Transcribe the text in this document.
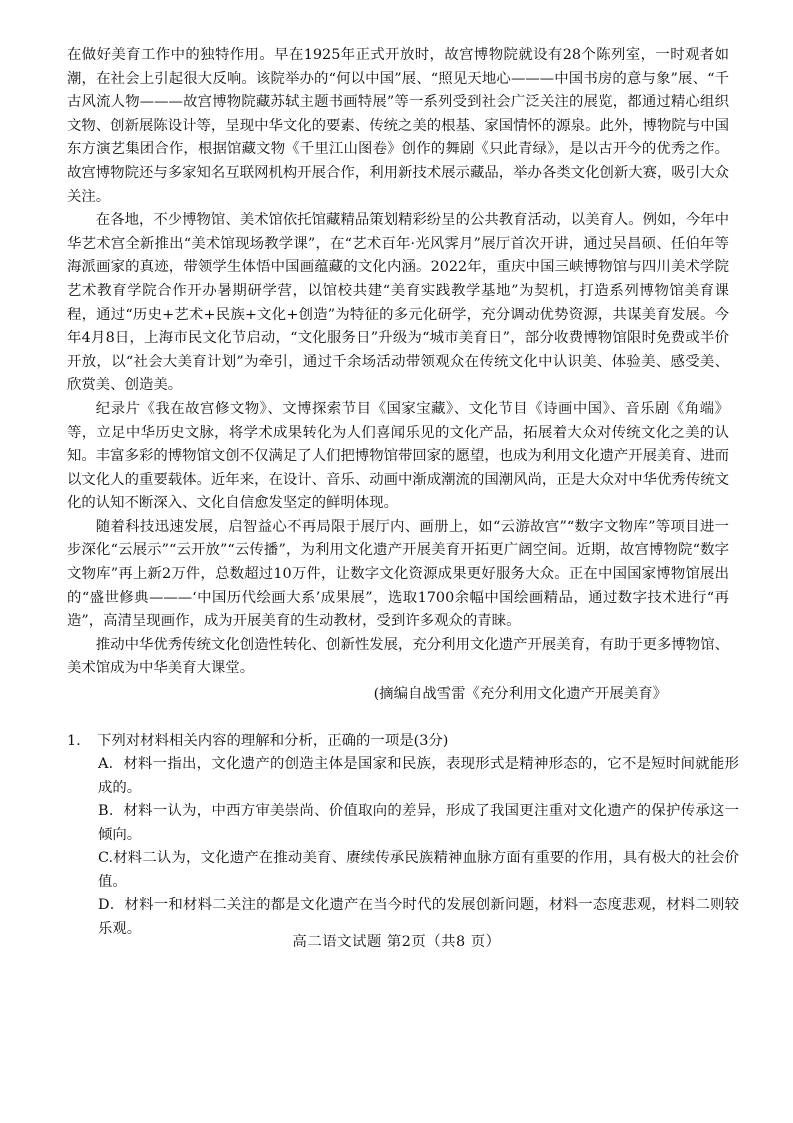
在做好美育工作中的独特作用。早在1925年正式开放时，故宫博物院就设有28个陈列室，一时观者如潮，在社会上引起很大反响。该院举办的“何以中国”展、“照见天地心———中国书房的意与象”展、“千古风流人物———故宫博物院藏苏轼主题书画特展”等一系列受到社会广泛关注的展览，都通过精心组织文物、创新展陈设计等，呈现中华文化的要素、传统之美的根基、家国情怀的源泉。此外，博物院与中国东方演艺集团合作，根据馆藏文物《千里江山图卷》创作的舞剧《只此青绿》，是以古开今的优秀之作。故宫博物院还与多家知名互联网机构开展合作，利用新技术展示藏品，举办各类文化创新大赛，吸引大众关注。

在各地，不少博物馆、美术馆依托馆藏精品策划精彩纷呈的公共教育活动，以美育人。例如，今年中华艺术宫全新推出“美术馆现场教学课”，在“艺术百年·光风霁月”展厅首次开讲，通过吴昌硕、任伯年等海派画家的真迹，带领学生体悟中国画蕴藏的文化内涵。2022年，重庆中国三峡博物馆与四川美术学院艺术教育学院合作开办暑期研学营，以馆校共建“美育实践教学基地”为契机，打造系列博物馆美育课程，通过“历史+艺术+民族+文化+创造”为特征的多元化研学，充分调动优势资源，共谋美育发展。今年4月8日，上海市民文化节启动，“文化服务日”升级为“城市美育日”，部分收费博物馆限时免费或半价开放，以“社会大美育计划”为牵引，通过千余场活动带领观众在传统文化中认识美、体验美、感受美、欣赏美、创造美。

纪录片《我在故宫修文物》、文博探索节目《国家宝藏》、文化节目《诗画中国》、音乐剧《角端》等，立足中华历史文脉，将学术成果转化为人们喜闻乐见的文化产品，拓展着大众对传统文化之美的认知。丰富多彩的博物馆文创不仅满足了人们把博物馆带回家的愿望，也成为利用文化遗产开展美育、进而以文化人的重要载体。近年来，在设计、音乐、动画中渐成潮流的国潮风尚，正是大众对中华优秀传统文化的认知不断深入、文化自信愈发坚定的鲜明体现。

随着科技迅速发展，启智益心不再局限于展厅内、画册上，如“云游故宫”“数字文物库”等项目进一步深化“云展示”“云开放”“云传播”，为利用文化遗产开展美育开拓更广阔空间。近期，故宫博物院“数字文物库”再上新2万件，总数超过10万件，让数字文化资源成果更好服务大众。正在中国国家博物馆展出的“盛世修典———‘中国历代绘画大系’成果展”，选取1700余幅中国绘画精品，通过数字技术进行“再造”，高清呈现画作，成为开展美育的生动教材，受到许多观众的青睐。

推动中华优秀传统文化创造性转化、创新性发展，充分利用文化遗产开展美育，有助于更多博物馆、美术馆成为中华美育大课堂。

(摘编自战雪雷《充分利用文化遗产开展美育》

1.	下列对材料相关内容的理解和分析，正确的一项是(3分)

A．材料一指出，文化遗产的创造主体是国家和民族，表现形式是精神形态的，它不是短时间就能形成的。

B．材料一认为，中西方审美崇尚、价值取向的差异，形成了我国更注重对文化遗产的保护传承这一倾向。

C.材料二认为，文化遗产在推动美育、赓续传承民族精神血脉方面有重要的作用，具有极大的社会价值。

D．材料一和材料二关注的都是文化遗产在当今时代的发展创新问题，材料一态度悲观，材料二则较乐观。

高二语文试题 第2页（共8 页）
